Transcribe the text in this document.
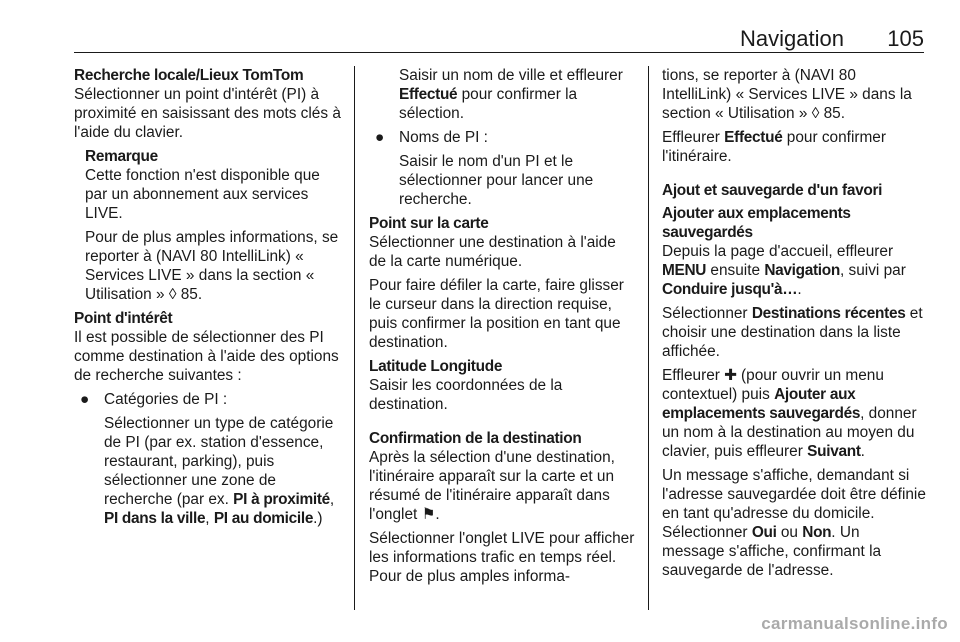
Navigation 105
Recherche locale/Lieux TomTom

Sélectionner un point d'intérêt (PI) à proximité en saisissant des mots clés à l'aide du clavier.

Remarque

Cette fonction n'est disponible que par un abonnement aux services LIVE.

Pour de plus amples informations, se reporter à (NAVI 80 IntelliLink) « Services LIVE » dans la section « Utilisation » ◊ 85.

Point d'intérêt

Il est possible de sélectionner des PI comme destination à l'aide des options de recherche suivantes :

● Catégories de PI :

Sélectionner un type de catégorie de PI (par ex. station d'essence, restaurant, parking), puis sélectionner une zone de recherche (par ex. PI à proximité, PI dans la ville, PI au domicile.)

Saisir un nom de ville et effleurer Effectué pour confirmer la sélection.

● Noms de PI :

Saisir le nom d'un PI et le sélectionner pour lancer une recherche.

Point sur la carte

Sélectionner une destination à l'aide de la carte numérique.

Pour faire défiler la carte, faire glisser le curseur dans la direction requise, puis confirmer la position en tant que destination.

Latitude Longitude

Saisir les coordonnées de la destination.

Confirmation de la destination

Après la sélection d'une destination, l'itinéraire apparaît sur la carte et un résumé de l'itinéraire apparaît dans l'onglet ⚑.

Sélectionner l'onglet LIVE pour afficher les informations trafic en temps réel. Pour de plus amples informa-

tions, se reporter à (NAVI 80 IntelliLink) « Services LIVE » dans la section « Utilisation » ◊ 85.

Effleurer Effectué pour confirmer l'itinéraire.

Ajout et sauvegarde d'un favori
Ajouter aux emplacements sauvegardés

Depuis la page d'accueil, effleurer MENU ensuite Navigation, suivi par Conduire jusqu'à….

Sélectionner Destinations récentes et choisir une destination dans la liste affichée.

Effleurer ✚ (pour ouvrir un menu contextuel) puis Ajouter aux emplacements sauvegardés, donner un nom à la destination au moyen du clavier, puis effleurer Suivant.

Un message s'affiche, demandant si l'adresse sauvegardée doit être définie en tant qu'adresse du domicile. Sélectionner Oui ou Non. Un message s'affiche, confirmant la sauvegarde de l'adresse.

carmanualsonline.info
